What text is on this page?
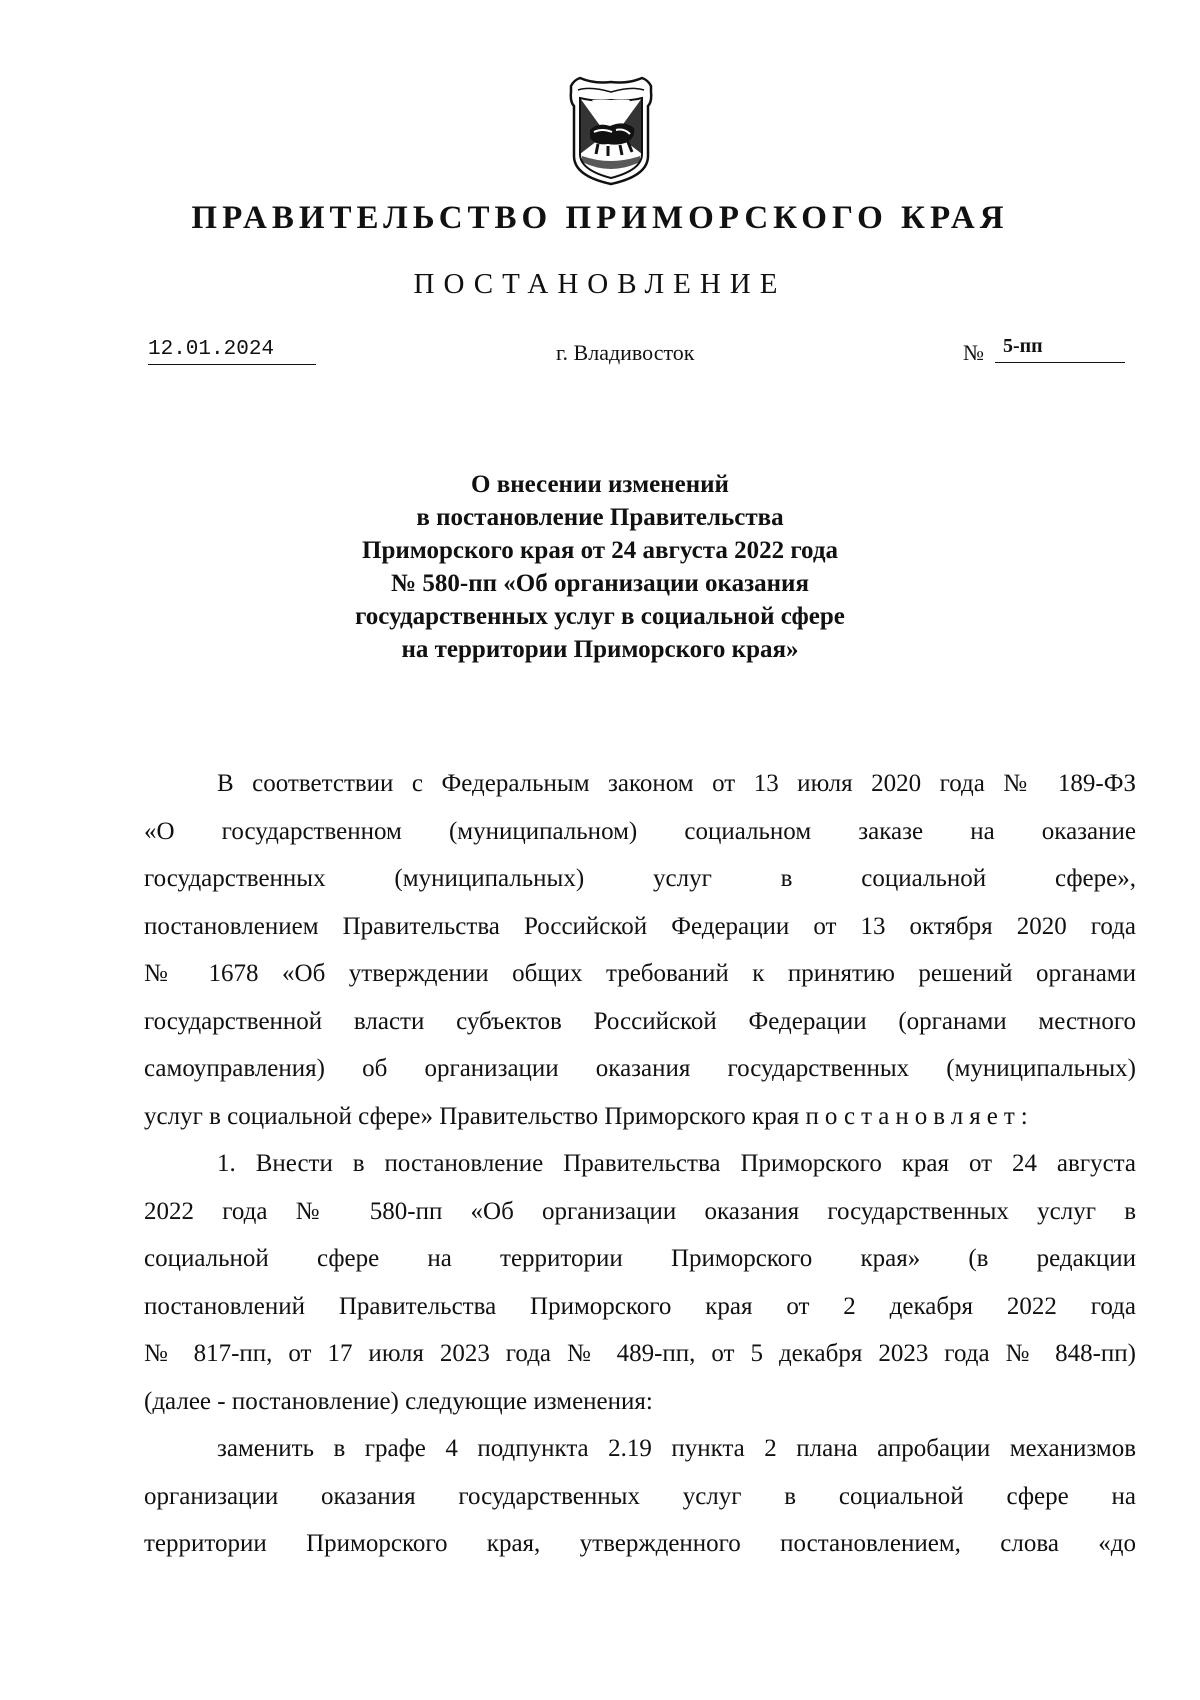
ПРАВИТЕЛЬСТВО ПРИМОРСКОГО КРАЯ
ПОСТАНОВЛЕНИЕ
12.01.2024	г. Владивосток	№ 5-пп
О внесении изменений
в постановление Правительства
Приморского края от 24 августа 2022 года
№ 580-пп «Об организации оказания
государственных услуг в социальной сфере
на территории Приморского края»
В соответствии с Федеральным законом от 13 июля 2020 года № 189-ФЗ
«О государственном (муниципальном) социальном заказе на оказание
государственных (муниципальных) услуг в социальной сфере»,
постановлением Правительства Российской Федерации от 13 октября 2020 года
№ 1678 «Об утверждении общих требований к принятию решений органами
государственной власти субъектов Российской Федерации (органами местного
самоуправления) об организации оказания государственных (муниципальных)
услуг в социальной сфере» Правительство Приморского края постановляет:
1. Внести в постановление Правительства Приморского края от 24 августа
2022 года № 580-пп «Об организации оказания государственных услуг в
социальной сфере на территории Приморского края» (в редакции
постановлений Правительства Приморского края от 2 декабря 2022 года
№ 817-пп, от 17 июля 2023 года № 489-пп, от 5 декабря 2023 года № 848-пп)
(далее - постановление) следующие изменения:
заменить в графе 4 подпункта 2.19 пункта 2 плана апробации механизмов
организации оказания государственных услуг в социальной сфере на
территории Приморского края, утвержденного постановлением, слова «до
